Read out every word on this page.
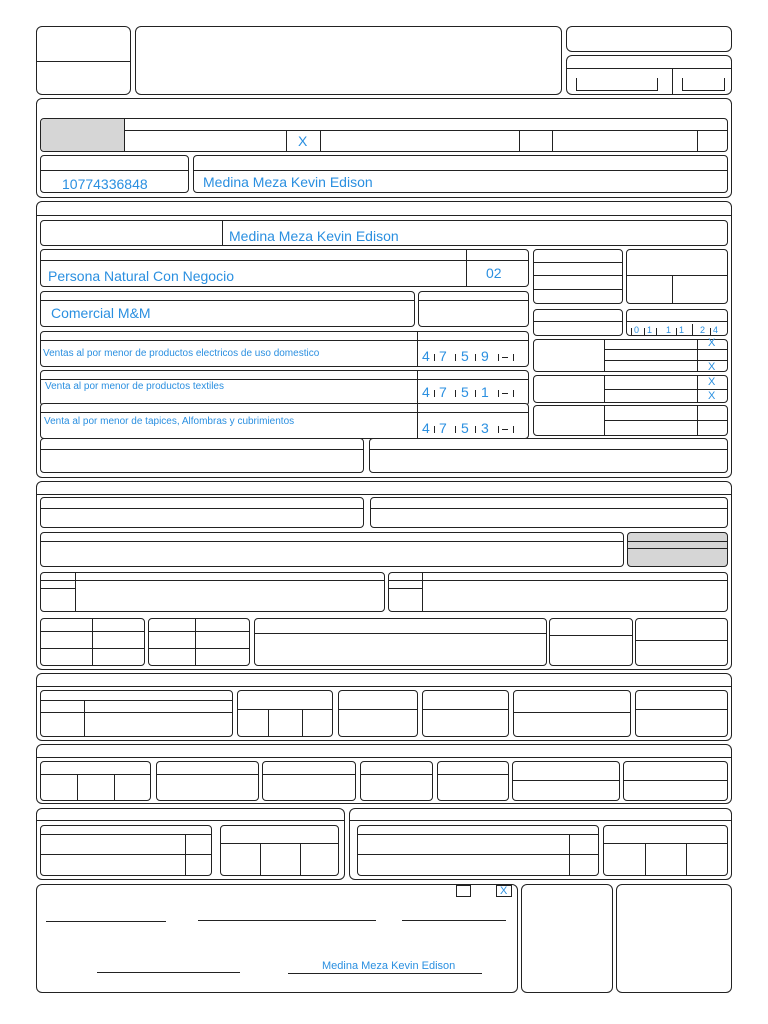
X
10774336848	Medina Meza Kevin Edison
Medina Meza Kevin Edison
Persona Natural Con Negocio	02
Comercial M&M
0 1 1 1 2 4
Ventas al por menor de productos electricos de uso domestico	4 7 5 9
Venta al por menor de productos textiles	4 7 5 1
Venta al por menor de tapices, Alfombras y cubrimientos	4 7 5 3
X
X
X
X
X
Medina Meza Kevin Edison
